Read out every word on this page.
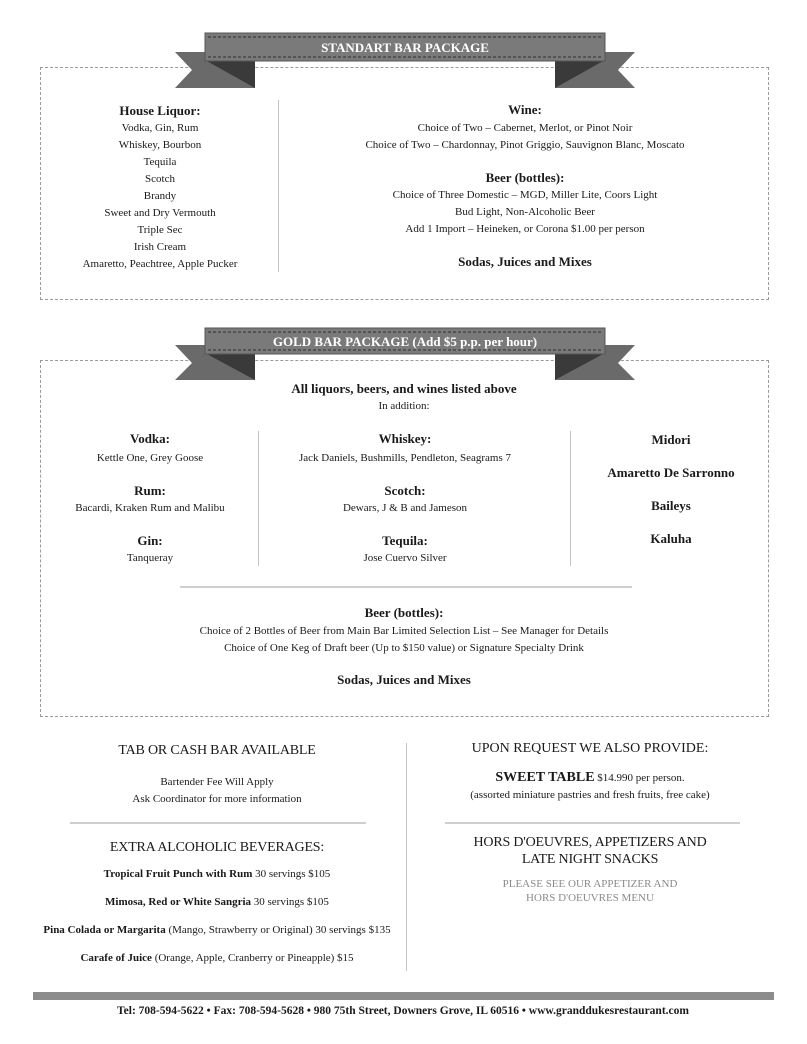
STANDART BAR PACKAGE
House Liquor:
Vodka, Gin, Rum
Whiskey, Bourbon
Tequila
Scotch
Brandy
Sweet and Dry Vermouth
Triple Sec
Irish Cream
Amaretto, Peachtree, Apple Pucker
Wine:
Choice of Two – Cabernet, Merlot, or Pinot Noir
Choice of Two – Chardonnay, Pinot Griggio, Sauvignon Blanc, Moscato
Beer (bottles):
Choice of Three Domestic – MGD, Miller Lite, Coors Light
Bud Light, Non-Alcoholic Beer
Add 1 Import – Heineken, or Corona $1.00 per person
Sodas, Juices and Mixes
GOLD BAR PACKAGE (Add $5 p.p. per hour)
All liquors, beers, and wines listed above
In addition:
Vodka:
Kettle One, Grey Goose
Rum:
Bacardi, Kraken Rum and Malibu
Gin:
Tanqueray
Whiskey:
Jack Daniels, Bushmills, Pendleton, Seagrams 7
Scotch:
Dewars, J & B and Jameson
Tequila:
Jose Cuervo Silver
Midori
Amaretto De Sarronno
Baileys
Kaluha
Beer (bottles):
Choice of 2 Bottles of Beer from Main Bar Limited Selection List – See Manager for Details
Choice of One Keg of Draft beer (Up to $150 value) or Signature Specialty Drink
Sodas, Juices and Mixes
TAB OR CASH BAR AVAILABLE
Bartender Fee Will Apply
Ask Coordinator for more information
EXTRA ALCOHOLIC BEVERAGES:
Tropical Fruit Punch with Rum 30 servings $105
Mimosa, Red or White Sangria 30 servings $105
Pina Colada or Margarita (Mango, Strawberry or Original) 30 servings $135
Carafe of Juice (Orange, Apple, Cranberry or Pineapple) $15
UPON REQUEST WE ALSO PROVIDE:
SWEET TABLE $14.990 per person.
(assorted miniature pastries and fresh fruits, free cake)
HORS D'OEUVRES, APPETIZERS AND
LATE NIGHT SNACKS
PLEASE SEE OUR APPETIZER AND
HORS D'OEUVRES MENU
Tel: 708-594-5622 • Fax: 708-594-5628 • 980 75th Street, Downers Grove, IL 60516 • www.granddukesrestaurant.com
